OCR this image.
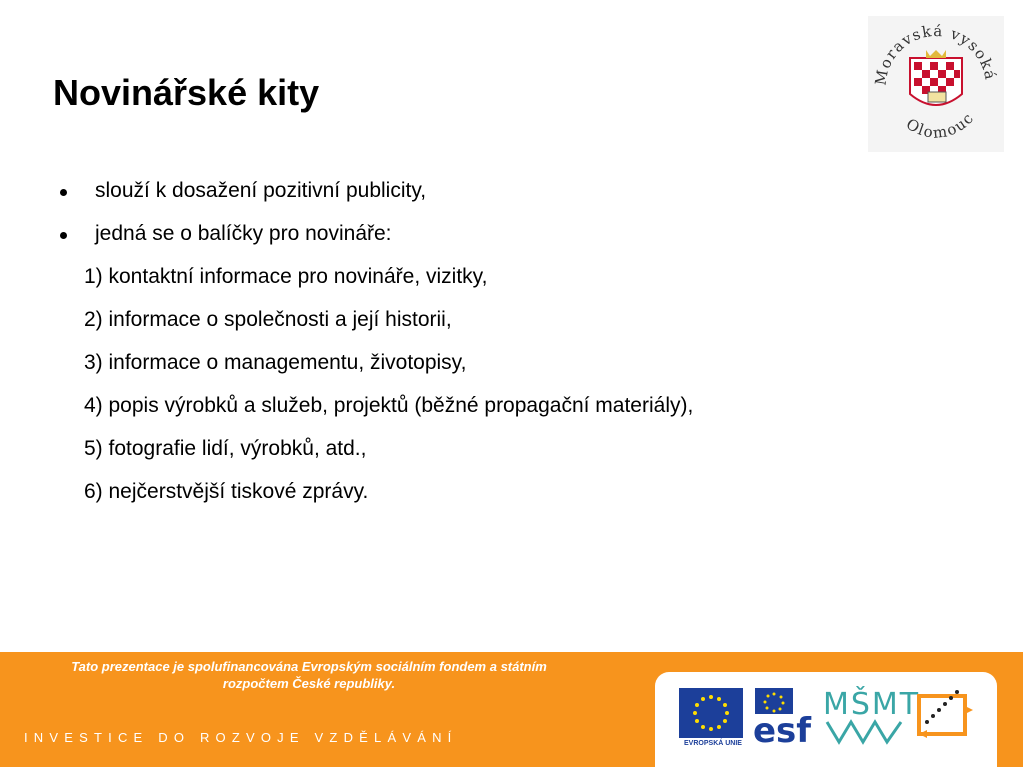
Novinářské kity	Moravská vysoká
Olomouc
slouží k dosažení pozitivní publicity,
jedná se o balíčky pro novináře:
1) kontaktní informace pro novináře, vizitky,
2) informace o společnosti a její historii,
3) informace o managementu, životopisy,
4) popis výrobků a služeb, projektů (běžné propagační materiály),
5) fotografie lidí, výrobků, atd.,
6) nejčerstvější tiskové zprávy.
Tato prezentace je spolufinancována Evropským sociálním fondem a státním
rozpočtem České republiky.
INVESTICE DO ROZVOJE VZDĚLÁVÁNÍ	EVROPSKÁ UNIE esf
MŠMT
